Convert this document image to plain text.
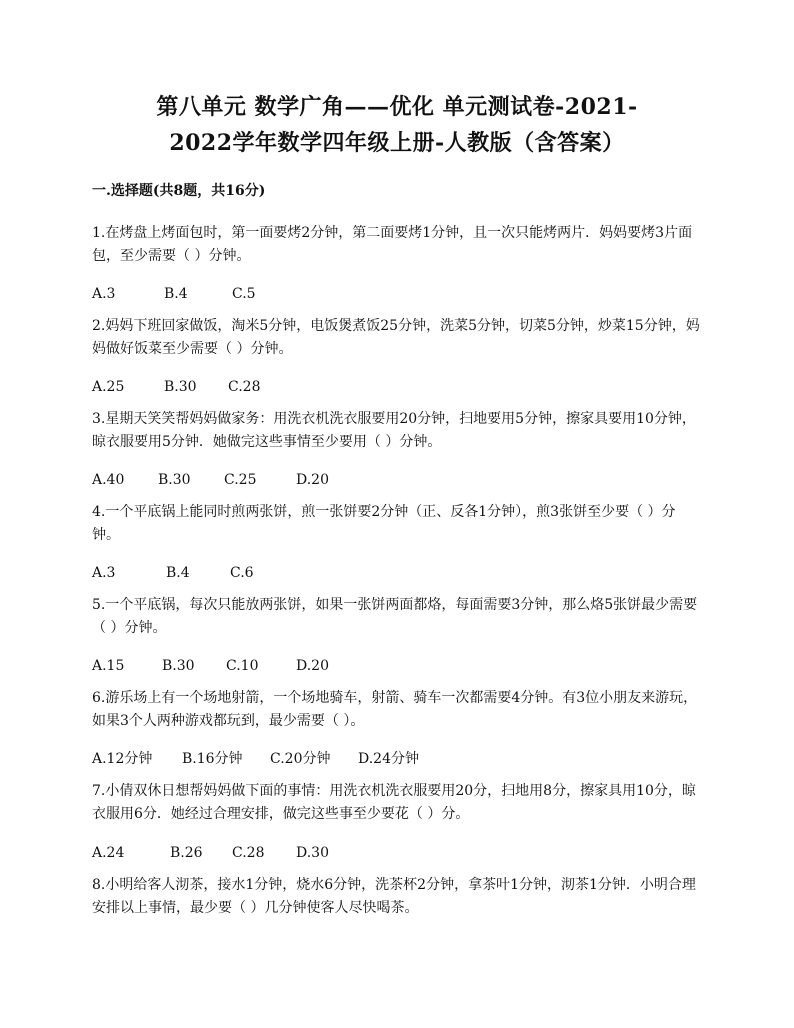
第八单元 数学广角——优化 单元测试卷-2021-
2022学年数学四年级上册-人教版（含答案）
一.选择题(共8题，共16分)
1.在烤盘上烤面包时，第一面要烤2分钟，第二面要烤1分钟，且一次只能烤两片．妈妈要烤3片面包，至少需要（ ）分钟。
A.3	B.4	C.5
2.妈妈下班回家做饭，淘米5分钟，电饭煲煮饭25分钟，洗菜5分钟，切菜5分钟，炒菜15分钟，妈妈做好饭菜至少需要（ ）分钟。
A.25	B.30 C.28
3.星期天笑笑帮妈妈做家务：用洗衣机洗衣服要用20分钟，扫地要用5分钟，擦家具要用10分钟，晾衣服要用5分钟．她做完这些事情至少要用（ ）分钟。
A.40 B.30 C.25	D.20
4.一个平底锅上能同时煎两张饼，煎一张饼要2分钟（正、反各1分钟），煎3张饼至少要（ ）分钟。
A.3	B.4	C.6
5.一个平底锅，每次只能放两张饼，如果一张饼两面都烙，每面需要3分钟，那么烙5张饼最少需要（ ）分钟。
A.15	B.30 C.10	D.20
6.游乐场上有一个场地射箭，一个场地骑车，射箭、骑车一次都需要4分钟。有3位小朋友来游玩，如果3个人两种游戏都玩到，最少需要（ ）。
A.12分钟 B.16分钟 C.20分钟 D.24分钟
7.小倩双休日想帮妈妈做下面的事情：用洗衣机洗衣服要用20分，扫地用8分，擦家具用10分，晾衣服用6分．她经过合理安排，做完这些事至少要花（ ）分。
A.24	B.26 C.28 D.30
8.小明给客人沏茶，接水1分钟，烧水6分钟，洗茶杯2分钟，拿茶叶1分钟，沏茶1分钟．小明合理安排以上事情，最少要（ ）几分钟使客人尽快喝茶。
